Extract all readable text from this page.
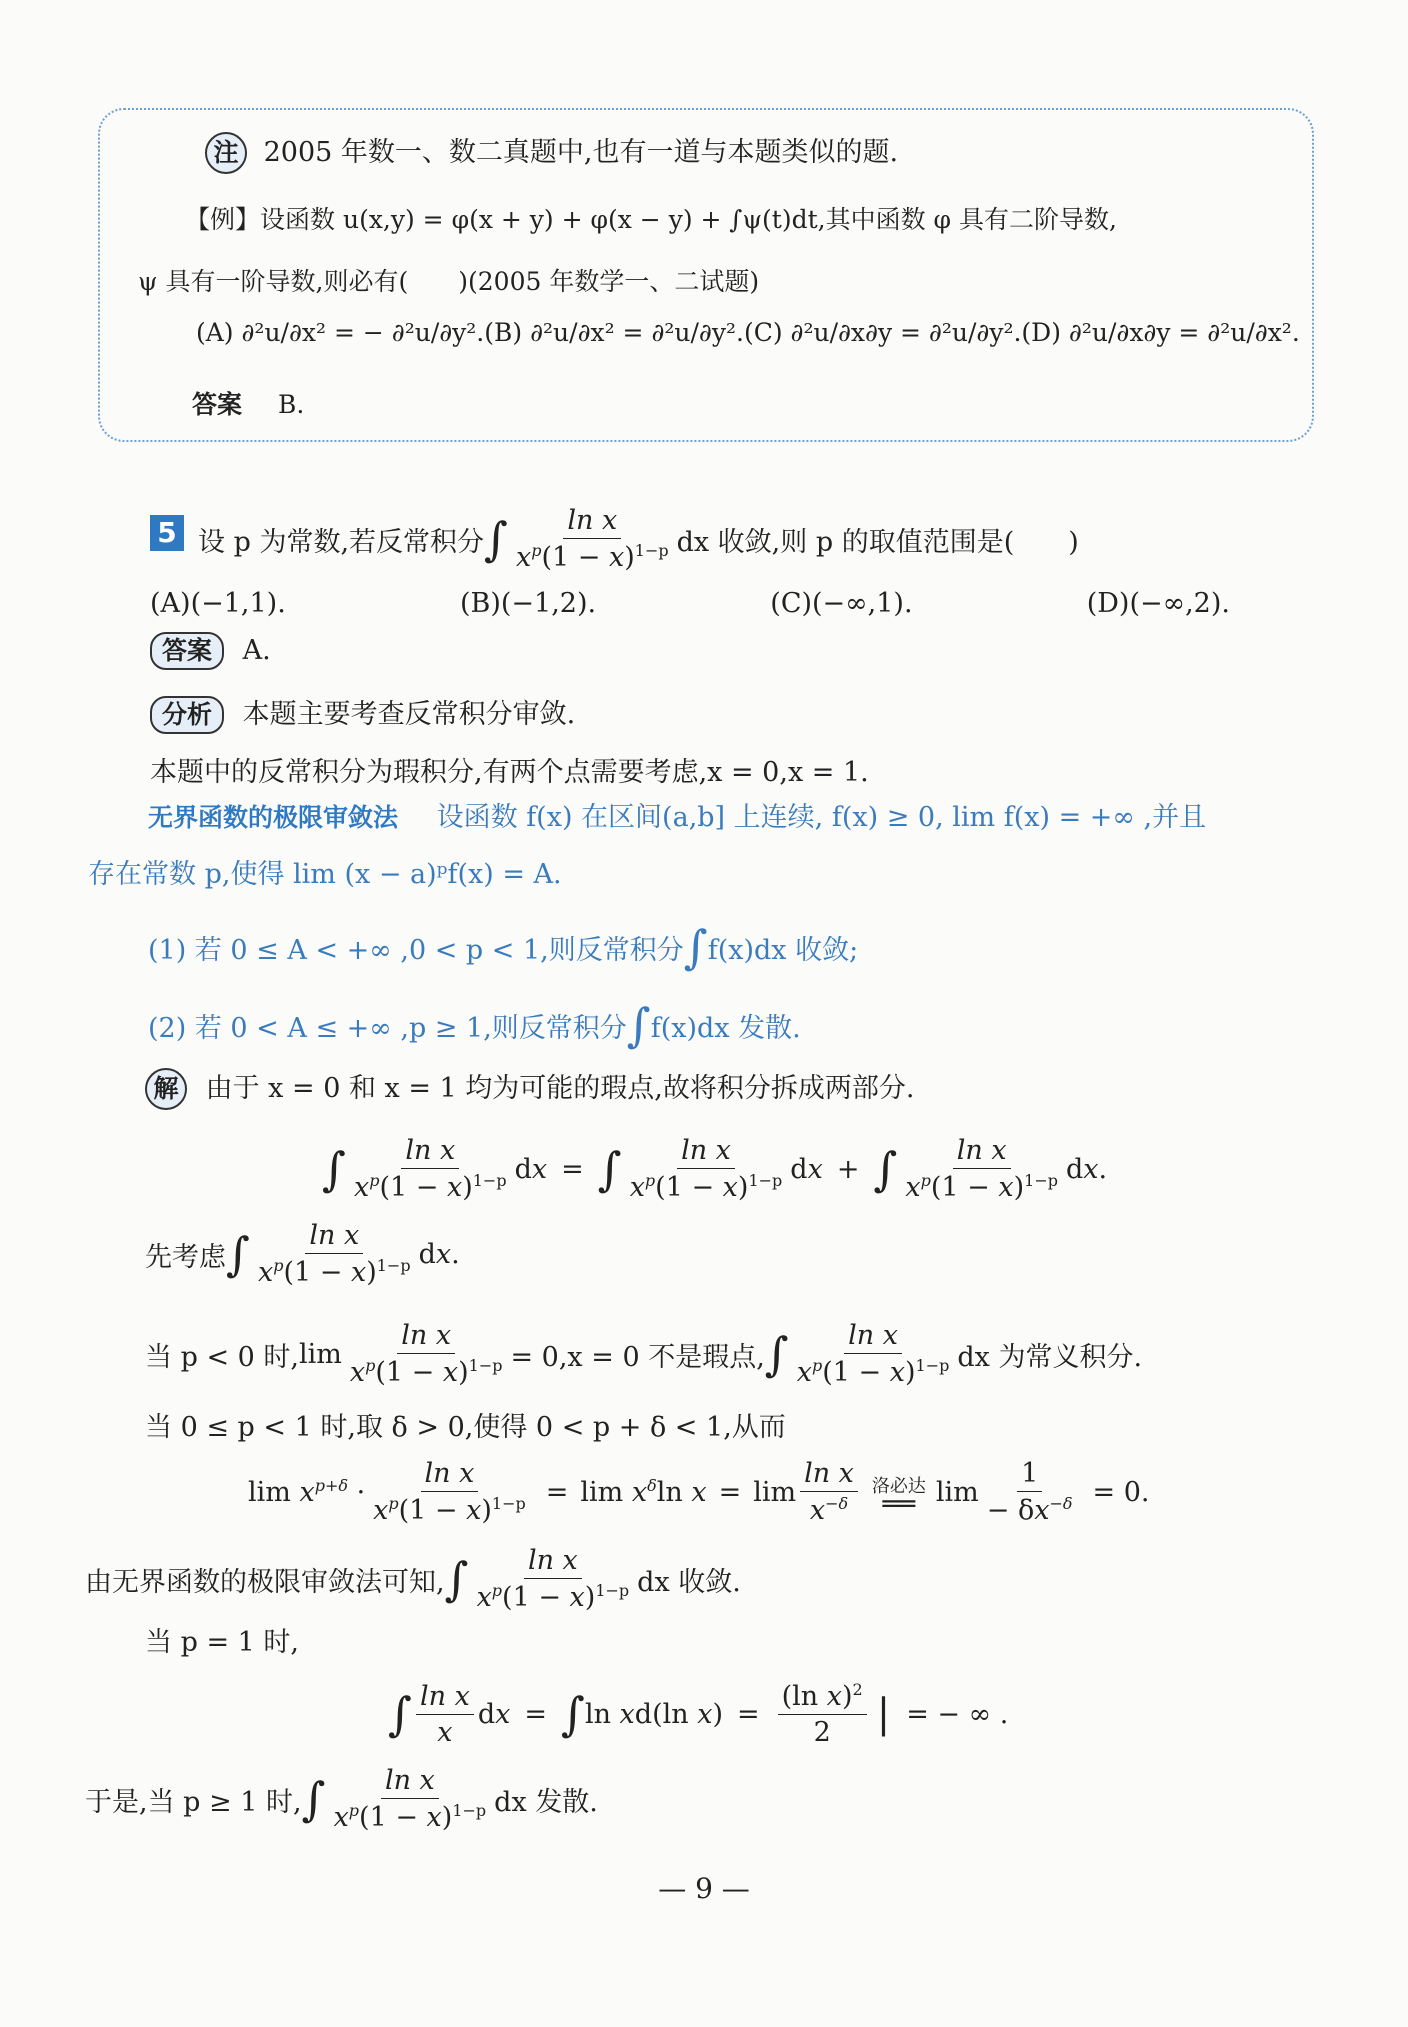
注 2005 年数一、数二真题中,也有一道与本题类似的题.
【例】设函数 u(x,y) = φ(x + y) + φ(x − y) + ∫ψ(t)dt,其中函数 φ 具有二阶导数,
ψ 具有一阶导数,则必有(　　)(2005 年数学一、二试题)
(A) ∂²u/∂x² = − ∂²u/∂y². (B) ∂²u/∂x² = ∂²u/∂y². (C) ∂²u/∂x∂y = ∂²u/∂y². (D) ∂²u/∂x∂y = ∂²u/∂x².
答案 B.
5 设 p 为常数,若反常积分 ∫ $\frac{\text{ln x}}{x^p(1 - x)^{1-p}}$ dx 收敛,则 p 的取值范围是(　　)
(A)(−1,1).	(B)(−1,2).	(C)(−∞,1).	(D)(−∞,2).
答案 A.
分析 本题主要考查反常积分审敛.
本题中的反常积分为瑕积分,有两个点需要考虑,x = 0,x = 1.
无界函数的极限审敛法 设函数 f(x) 在区间(a,b] 上连续, f(x) ≥ 0, lim f(x) = +∞ ,并且
存在常数 p,使得 lim (x − a)ᵖf(x) = A.
(1) 若 0 ≤ A < +∞ ,0 < p < 1,则反常积分 ∫ f(x)dx 收敛;
(2) 若 0 < A ≤ +∞ ,p ≥ 1,则反常积分 ∫ f(x)dx 发散.
解 由于 x = 0 和 x = 1 均为可能的瑕点,故将积分拆成两部分.
∫ $\frac{\text{ln x}}{x^p(1 - x)^{1-p}}$ d x = ∫ $\frac{\text{ln x}}{x^p(1 - x)^{1-p}}$ d x + ∫ $\frac{\text{ln x}}{x^p(1 - x)^{1-p}}$ d x .
先考虑 ∫ $\frac{\text{ln x}}{x^p(1 - x)^{1-p}}$ d x .
当 p < 0 时, $\lim \frac{\text{ln x}}{x^p(1 - x)^{1-p}} = 0,x = 0$ 不是瑕点, ∫ $\frac{\text{ln x}}{x^p(1 - x)^{1-p}}$ dx 为常义积分.
当 0 ≤ p < 1 时,取 δ > 0,使得 0 < p + δ < 1,从而
$\lim x^{p+\delta} \cdot \frac{\text{ln x}}{x^p(1 - x)^{1-p}} = \lim x^\delta\ln$ $x = \lim \frac{\text{ln x}}{x^{-\delta}}$ 洛必达
══ $\lim \frac{1}{- \delta x^{-\delta}} = 0$.
由无界函数的极限审敛法可知, ∫ $\frac{\text{ln x}}{x^p(1 - x)^{1-p}}$ dx 收敛.
当 p = 1 时,
∫ $\frac{\text{ln x}}{x}$ d x = ∫ ln xd(ln $x) = \frac{(\ln x)^2}{2}$ | = − ∞ .
于是,当 p ≥ 1 时, ∫ $\frac{\text{ln x}}{x^p(1 - x)^{1-p}}$ dx 发散.
— 9 —
